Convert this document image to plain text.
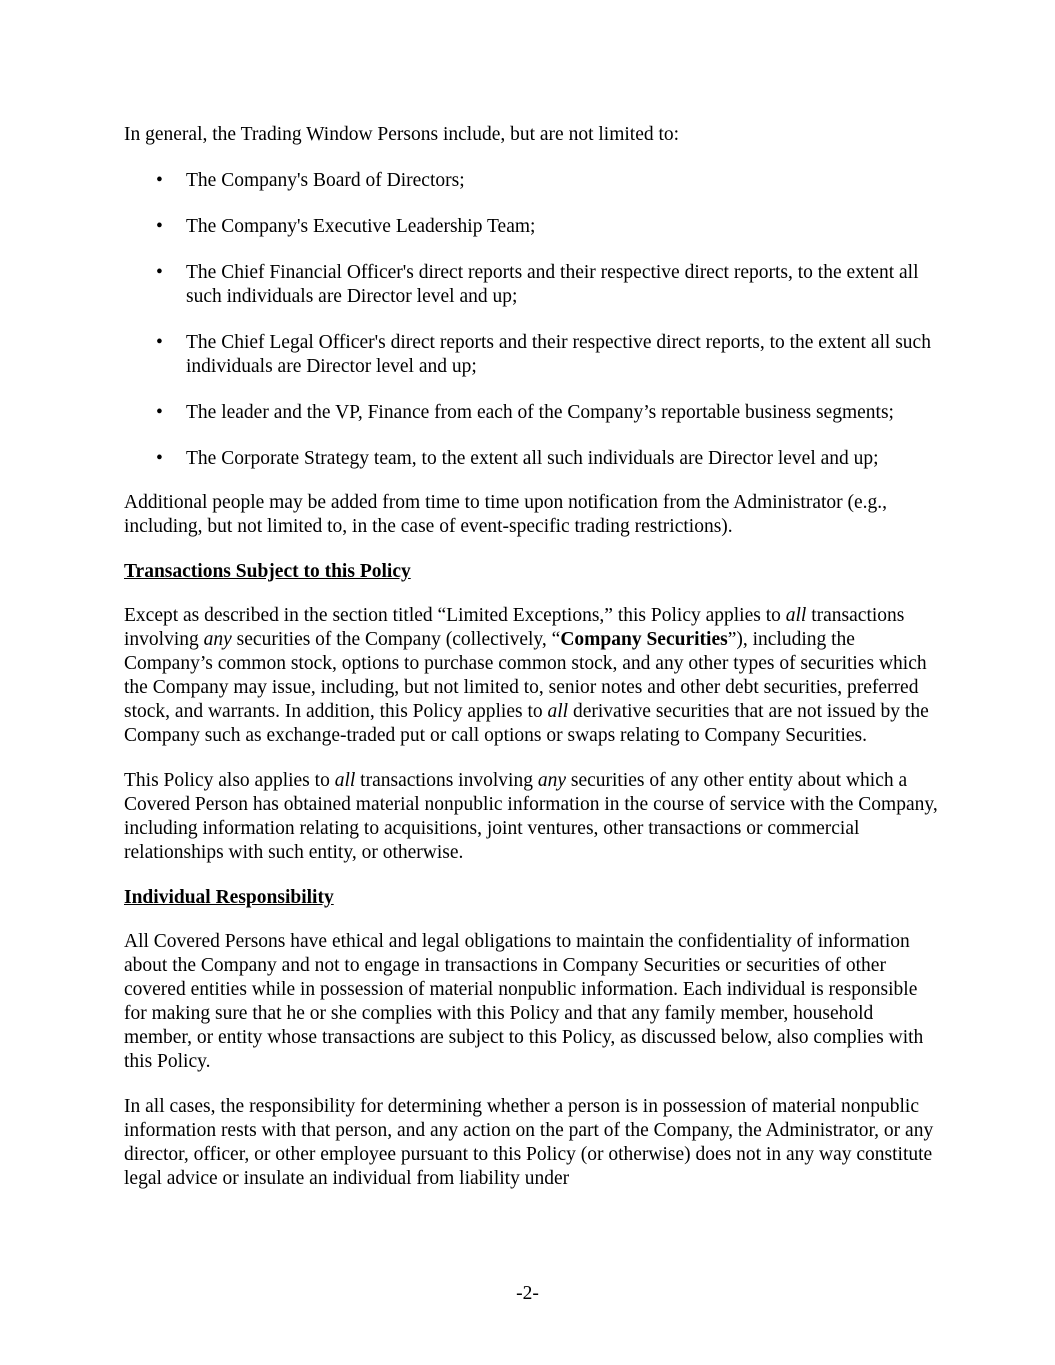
In general, the Trading Window Persons include, but are not limited to:

• The Company's Board of Directors;
• The Company's Executive Leadership Team;
• The Chief Financial Officer's direct reports and their respective direct reports, to the extent all such individuals are Director level and up;
• The Chief Legal Officer's direct reports and their respective direct reports, to the extent all such individuals are Director level and up;
• The leader and the VP, Finance from each of the Company’s reportable business segments;
• The Corporate Strategy team, to the extent all such individuals are Director level and up;

Additional people may be added from time to time upon notification from the Administrator (e.g., including, but not limited to, in the case of event-specific trading restrictions).

Transactions Subject to this Policy

Except as described in the section titled “Limited Exceptions,” this Policy applies to all transactions involving any securities of the Company (collectively, “Company Securities”), including the Company’s common stock, options to purchase common stock, and any other types of securities which the Company may issue, including, but not limited to, senior notes and other debt securities, preferred stock, and warrants. In addition, this Policy applies to all derivative securities that are not issued by the Company such as exchange-traded put or call options or swaps relating to Company Securities.

This Policy also applies to all transactions involving any securities of any other entity about which a Covered Person has obtained material nonpublic information in the course of service with the Company, including information relating to acquisitions, joint ventures, other transactions or commercial relationships with such entity, or otherwise.

Individual Responsibility

All Covered Persons have ethical and legal obligations to maintain the confidentiality of information about the Company and not to engage in transactions in Company Securities or securities of other covered entities while in possession of material nonpublic information. Each individual is responsible for making sure that he or she complies with this Policy and that any family member, household member, or entity whose transactions are subject to this Policy, as discussed below, also complies with this Policy.

In all cases, the responsibility for determining whether a person is in possession of material nonpublic information rests with that person, and any action on the part of the Company, the Administrator, or any director, officer, or other employee pursuant to this Policy (or otherwise) does not in any way constitute legal advice or insulate an individual from liability under

-2-
